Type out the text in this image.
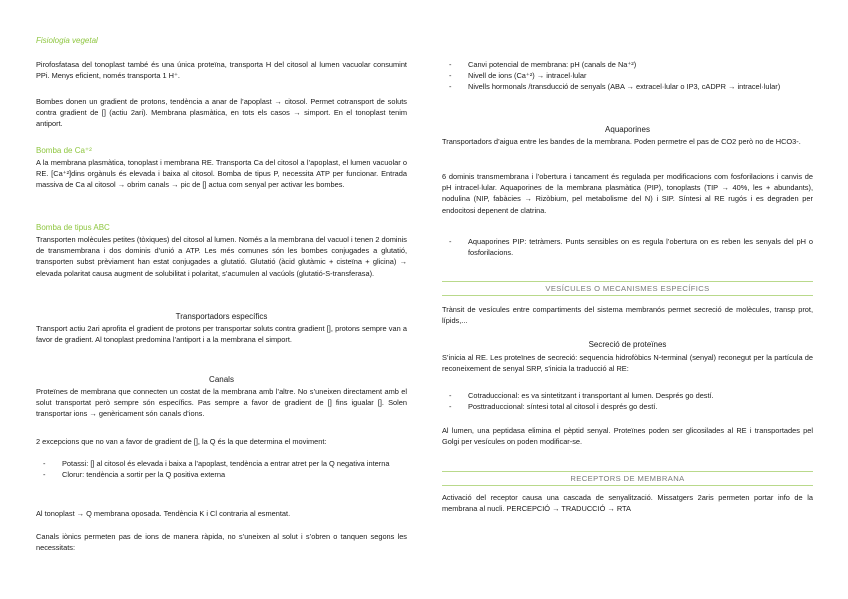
Fisiologia vegetal

Pirofosfatasa del tonoplast també és una única proteïna, transporta H del citosol al lumen vacuolar consumint PPi. Menys eficient, només transporta 1 H⁺.

Bombes donen un gradient de protons, tendència a anar de l’apoplast → citosol. Permet cotransport de soluts contra gradient de [] (actiu 2ari). Membrana plasmàtica, en tots els casos → simport. En el tonoplast tenim antiport.

Bomba de Ca⁺²

A la membrana plasmàtica, tonoplast i membrana RE. Transporta Ca del citosol a l’apoplast, el lumen vacuolar o RE. [Ca⁺²]dins orgànuls és elevada i baixa al citosol. Bomba de tipus P, necessita ATP per funcionar. Entrada massiva de Ca al citosol → obrim canals → pic de [] actua com senyal per activar les bombes.

Bomba de tipus ABC

Transporten molècules petites (tòxiques) del citosol al lumen. Només a la membrana del vacuol i tenen 2 dominis de transmembrana i dos dominis d’unió a ATP. Les més comunes són les bombes conjugades a glutatió, transporten subst prèviament han estat conjugades a glutatió. Glutatió (àcid glutàmic + cisteïna + glicina) → elevada polaritat causa augment de solubilitat i polaritat, s’acumulen al vacúols (glutatió-S-transferasa).

Transportadors específics

Transport actiu 2ari aprofita el gradient de protons per transportar soluts contra gradient [], protons sempre van a favor de gradient. Al tonoplast predomina l’antiport i a la membrana el simport.

Canals

Proteïnes de membrana que connecten un costat de la membrana amb l’altre. No s’uneixen directament amb el solut transportat però sempre són específics. Pas sempre a favor de gradient de [] fins igualar []. Solen transportar ions → genèricament són canals d’ions.

2 excepcions que no van a favor de gradient de [], la Q és la que determina el moviment:

- Potassi: [] al citosol és elevada i baixa a l’apoplast, tendència a entrar atret per la Q negativa interna
- Clorur: tendència a sortir per la Q positiva externa

Al tonoplast → Q membrana oposada. Tendència K i Cl contraria al esmentat.

Canals iònics permeten pas de ions de manera ràpida, no s’uneixen al solut i s’obren o tanquen segons les necessitats:

- Canvi potencial de membrana: pH (canals de Na⁺²)
- Nivell de ions (Ca⁺²) → intracel·lular
- Nivells hormonals /transducció de senyals (ABA → extracel·lular o IP3, cADPR → intracel·lular)
Aquaporines

Transportadors d’aigua entre les bandes de la membrana. Poden permetre el pas de CO2 però no de HCO3-.

6 dominis transmembrana i l’obertura i tancament és regulada per modificacions com fosforilacions i canvis de pH intracel·lular. Aquaporines de la membrana plasmàtica (PIP), tonoplasts (TIP → 40%, les + abundants), nodulina (NIP, fabàcies → Rizòbium, pel metabolisme del N) i SIP. Síntesi al RE rugós i es degraden per endocitosi depenent de clatrina.

- Aquaporines PIP: tetràmers. Punts sensibles on es regula l’obertura on es reben les senyals del pH o fosforilacions.
VESÍCULES O MECANISMES ESPECÍFICS

Trànsit de vesícules entre compartiments del sistema membranós permet secreció de molècules, transp prot, lípids,...

Secreció de proteïnes

S’inicia al RE. Les proteïnes de secreció: sequencia hidrofòbics N-terminal (senyal) reconegut per la partícula de reconeixement de senyal SRP, s’inicia la traducció al RE:

- Cotraduccional: es va sintetitzant i transportant al lumen. Després go destí.
- Posttraduccional: síntesi total al citosol i després go destí.

Al lumen, una peptidasa elimina el pèptid senyal. Proteïnes poden ser glicosilades al RE i transportades pel Golgi per vesícules on poden modificar-se.

RECEPTORS DE MEMBRANA

Activació del receptor causa una cascada de senyalització. Missatgers 2aris permeten portar info de la membrana al nucli. PERCEPCIÓ → TRADUCCIÓ → RTA
